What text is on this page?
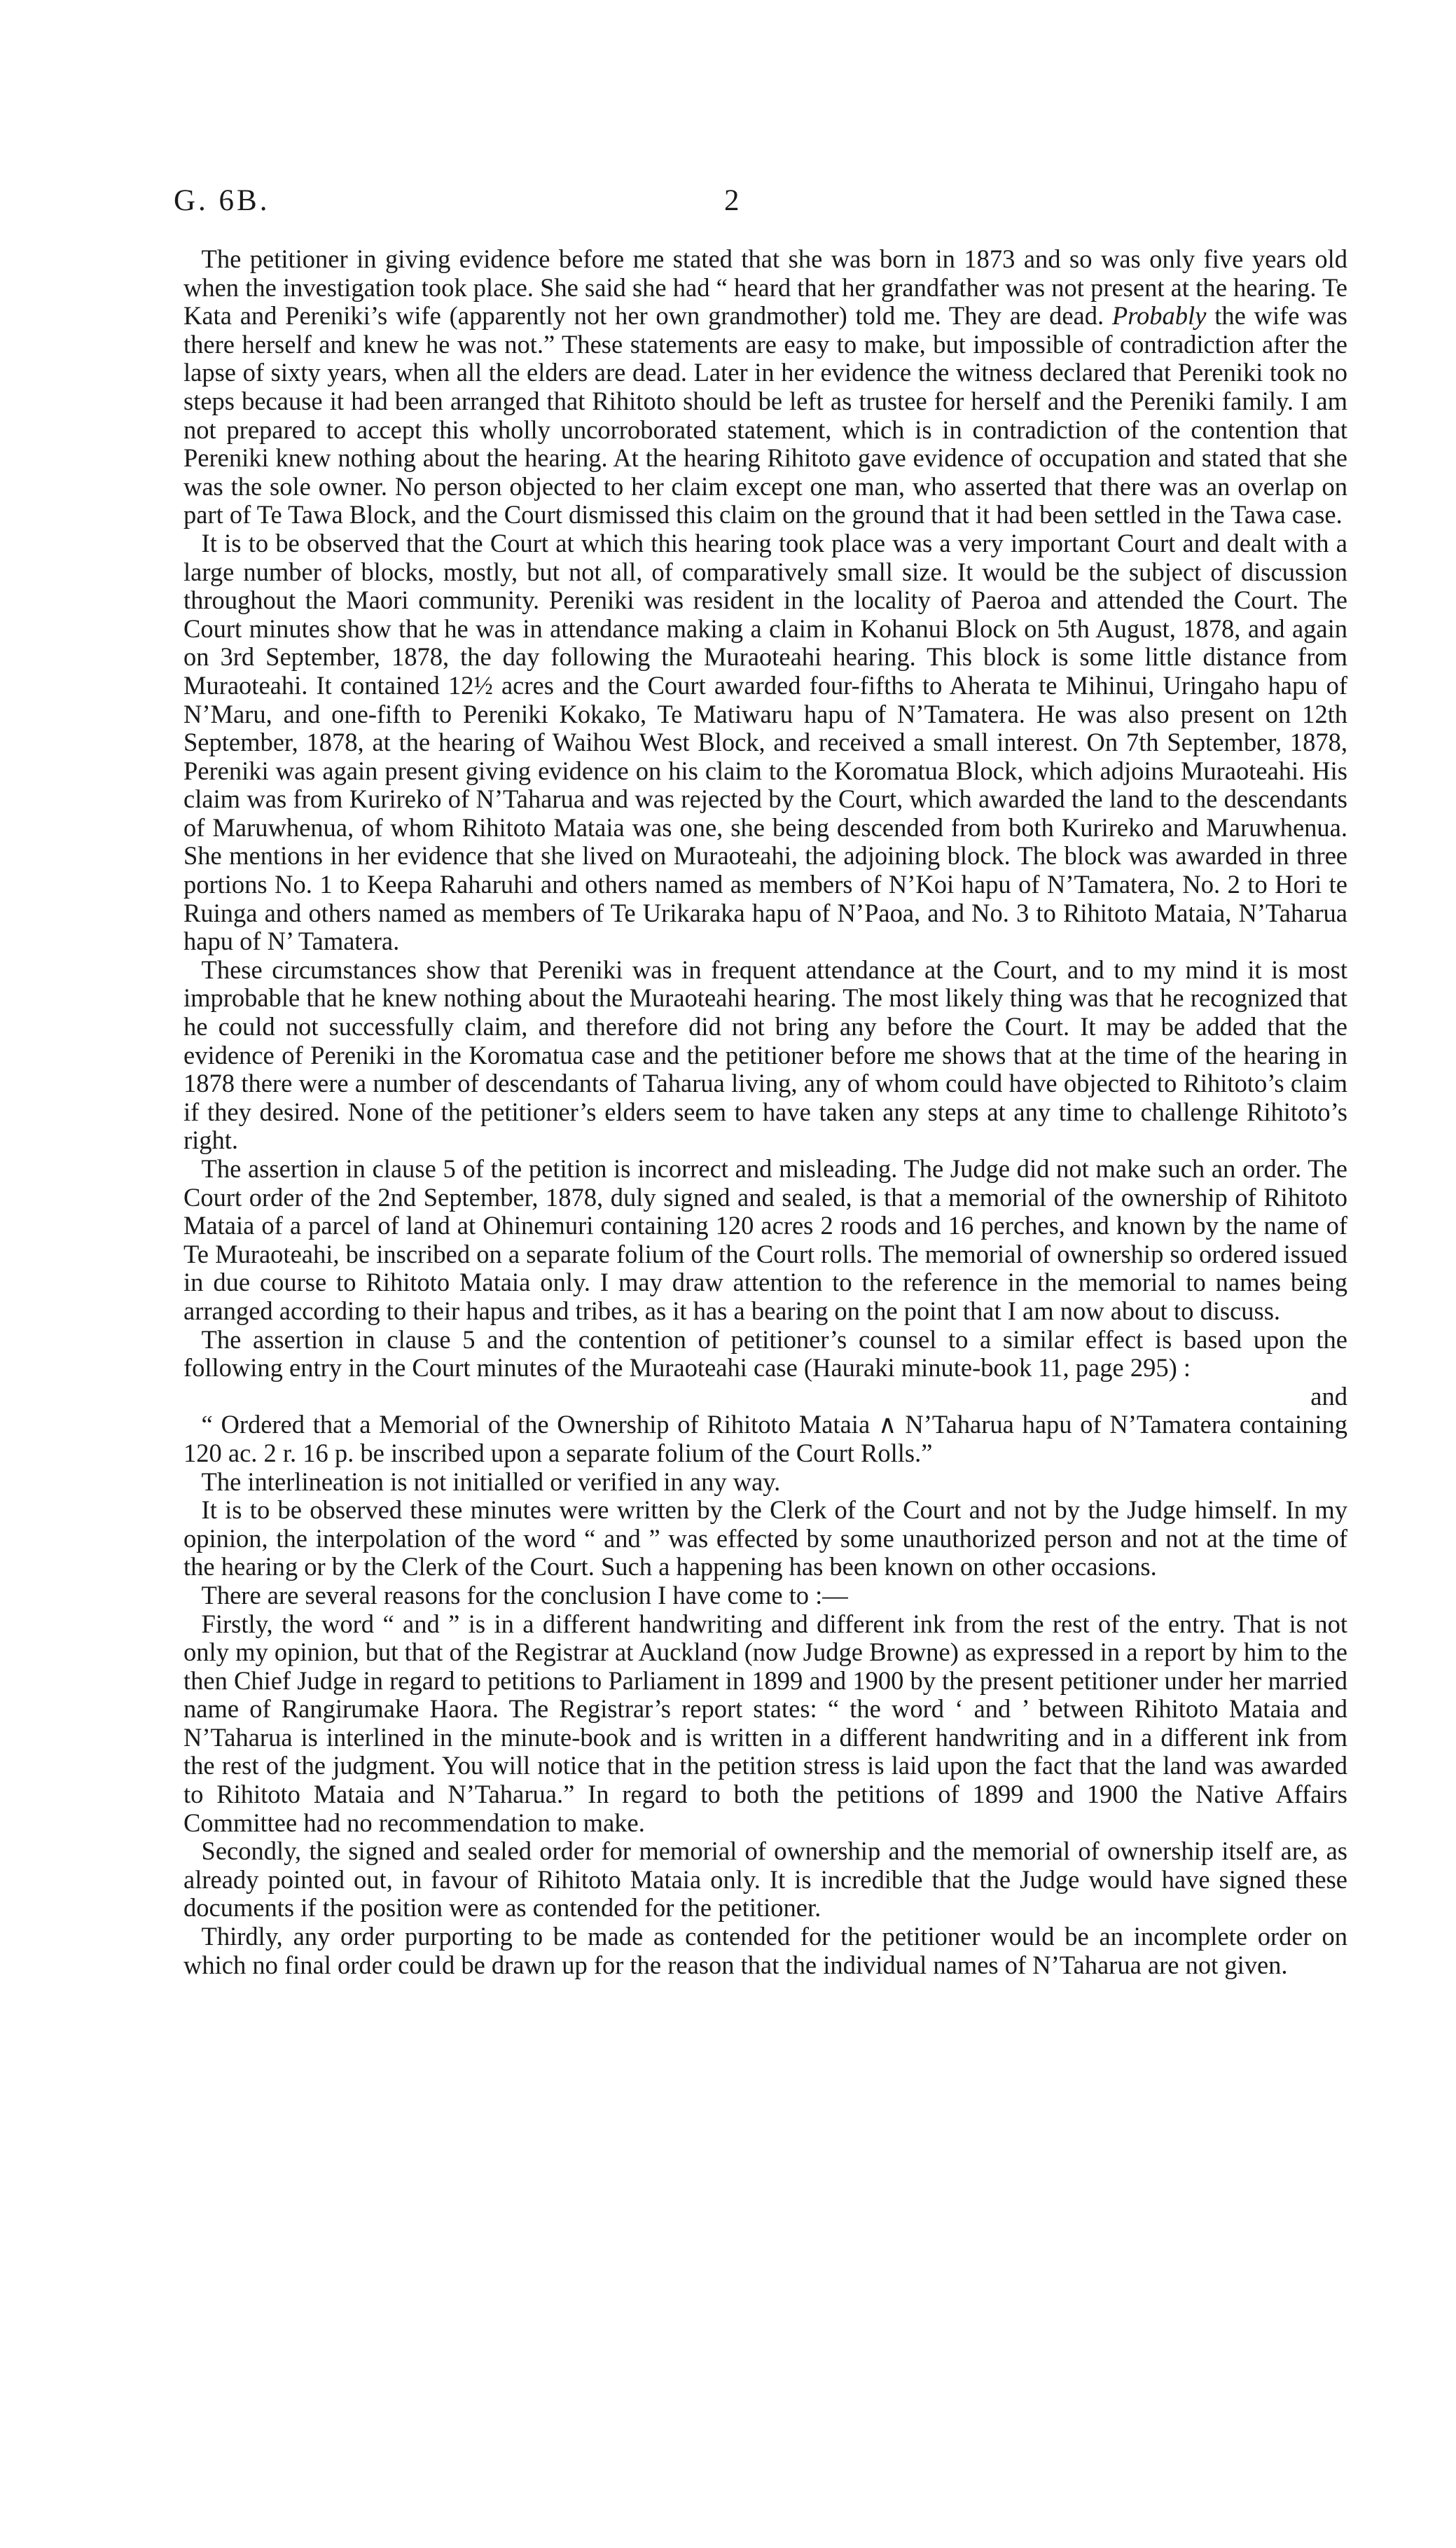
G. 6B.	2

The petitioner in giving evidence before me stated that she was born in 1873 and so was only five years old when the investigation took place. She said she had “ heard that her grandfather was not present at the hearing. Te Kata and Pereniki’s wife (apparently not her own grandmother) told me. They are dead. Probably the wife was there herself and knew he was not.” These statements are easy to make, but impossible of contradiction after the lapse of sixty years, when all the elders are dead. Later in her evidence the witness declared that Pereniki took no steps because it had been arranged that Rihitoto should be left as trustee for herself and the Pereniki family. I am not prepared to accept this wholly uncorroborated statement, which is in contradiction of the contention that Pereniki knew nothing about the hearing. At the hearing Rihitoto gave evidence of occupation and stated that she was the sole owner. No person objected to her claim except one man, who asserted that there was an overlap on part of Te Tawa Block, and the Court dismissed this claim on the ground that it had been settled in the Tawa case.

It is to be observed that the Court at which this hearing took place was a very important Court and dealt with a large number of blocks, mostly, but not all, of comparatively small size. It would be the subject of discussion throughout the Maori community. Pereniki was resident in the locality of Paeroa and attended the Court. The Court minutes show that he was in attendance making a claim in Kohanui Block on 5th August, 1878, and again on 3rd September, 1878, the day following the Muraoteahi hearing. This block is some little distance from Muraoteahi. It contained 12½ acres and the Court awarded four-fifths to Aherata te Mihinui, Uringaho hapu of N’Maru, and one-fifth to Pereniki Kokako, Te Matiwaru hapu of N’Tamatera. He was also present on 12th September, 1878, at the hearing of Waihou West Block, and received a small interest. On 7th September, 1878, Pereniki was again present giving evidence on his claim to the Koromatua Block, which adjoins Muraoteahi. His claim was from Kurireko of N’Taharua and was rejected by the Court, which awarded the land to the descendants of Maruwhenua, of whom Rihitoto Mataia was one, she being descended from both Kurireko and Maruwhenua. She mentions in her evidence that she lived on Muraoteahi, the adjoining block. The block was awarded in three portions No. 1 to Keepa Raharuhi and others named as members of N’Koi hapu of N’Tamatera, No. 2 to Hori te Ruinga and others named as members of Te Urikaraka hapu of N’Paoa, and No. 3 to Rihitoto Mataia, N’Taharua hapu of N’ Tamatera.

These circumstances show that Pereniki was in frequent attendance at the Court, and to my mind it is most improbable that he knew nothing about the Muraoteahi hearing. The most likely thing was that he recognized that he could not successfully claim, and therefore did not bring any before the Court. It may be added that the evidence of Pereniki in the Koromatua case and the petitioner before me shows that at the time of the hearing in 1878 there were a number of descendants of Taharua living, any of whom could have objected to Rihitoto’s claim if they desired. None of the petitioner’s elders seem to have taken any steps at any time to challenge Rihitoto’s right.

The assertion in clause 5 of the petition is incorrect and misleading. The Judge did not make such an order. The Court order of the 2nd September, 1878, duly signed and sealed, is that a memorial of the ownership of Rihitoto Mataia of a parcel of land at Ohinemuri containing 120 acres 2 roods and 16 perches, and known by the name of Te Muraoteahi, be inscribed on a separate folium of the Court rolls. The memorial of ownership so ordered issued in due course to Rihitoto Mataia only. I may draw attention to the reference in the memorial to names being arranged according to their hapus and tribes, as it has a bearing on the point that I am now about to discuss.

The assertion in clause 5 and the contention of petitioner’s counsel to a similar effect is based upon the following entry in the Court minutes of the Muraoteahi case (Hauraki minute-book 11, page 295) :

and

“ Ordered that a Memorial of the Ownership of Rihitoto Mataia ∧ N’Taharua hapu of N’Tamatera containing 120 ac. 2 r. 16 p. be inscribed upon a separate folium of the Court Rolls.”

The interlineation is not initialled or verified in any way.

It is to be observed these minutes were written by the Clerk of the Court and not by the Judge himself. In my opinion, the interpolation of the word “ and ” was effected by some unauthorized person and not at the time of the hearing or by the Clerk of the Court. Such a happening has been known on other occasions.

There are several reasons for the conclusion I have come to :—

Firstly, the word “ and ” is in a different handwriting and different ink from the rest of the entry. That is not only my opinion, but that of the Registrar at Auckland (now Judge Browne) as expressed in a report by him to the then Chief Judge in regard to petitions to Parliament in 1899 and 1900 by the present petitioner under her married name of Rangirumake Haora. The Registrar’s report states: “ the word ‘ and ’ between Rihitoto Mataia and N’Taharua is interlined in the minute-book and is written in a different handwriting and in a different ink from the rest of the judgment. You will notice that in the petition stress is laid upon the fact that the land was awarded to Rihitoto Mataia and N’Taharua.” In regard to both the petitions of 1899 and 1900 the Native Affairs Committee had no recommendation to make.

Secondly, the signed and sealed order for memorial of ownership and the memorial of ownership itself are, as already pointed out, in favour of Rihitoto Mataia only. It is incredible that the Judge would have signed these documents if the position were as contended for the petitioner.

Thirdly, any order purporting to be made as contended for the petitioner would be an incomplete order on which no final order could be drawn up for the reason that the individual names of N’Taharua are not given.
